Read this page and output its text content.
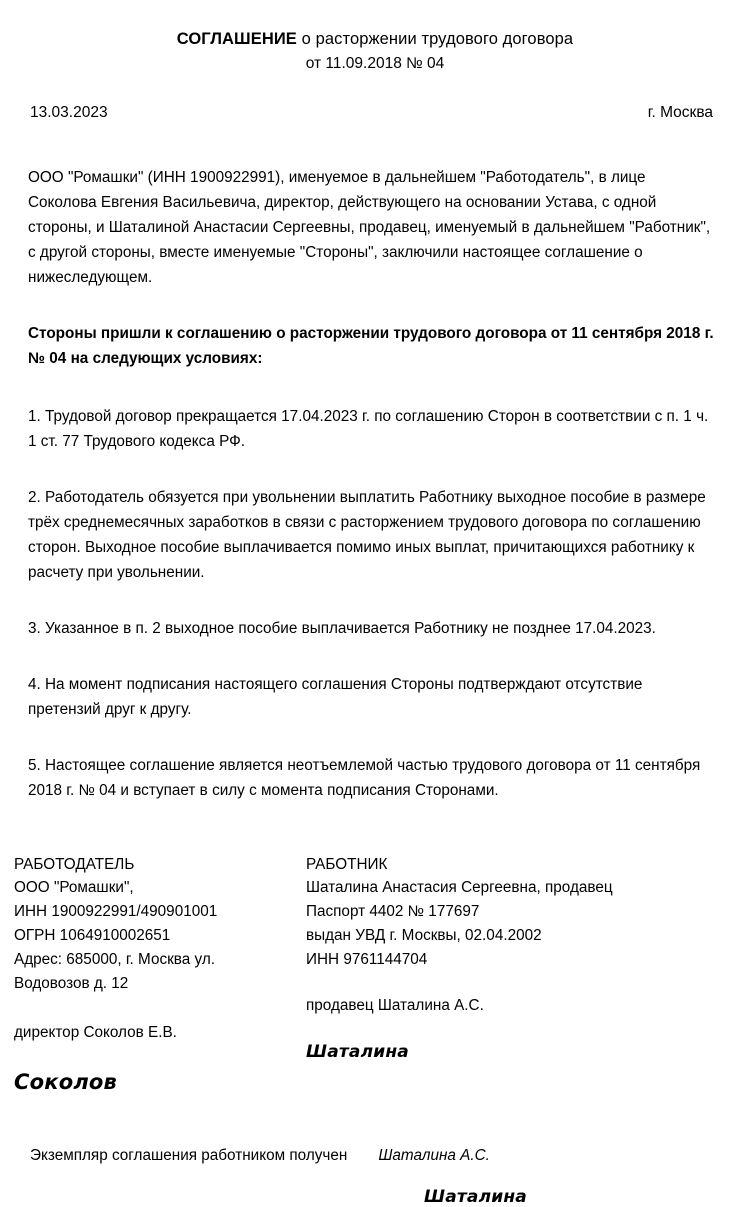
СОГЛАШЕНИЕ о расторжении трудового договора
от 11.09.2018 № 04
13.03.2023	г. Москва

ООО "Ромашки" (ИНН 1900922991), именуемое в дальнейшем "Работодатель", в лице Соколова Евгения Васильевича, директор, действующего на основании Устава, с одной стороны, и Шаталиной Анастасии Сергеевны, продавец, именуемый в дальнейшем "Работник", с другой стороны, вместе именуемые "Стороны", заключили настоящее соглашение о нижеследующем.

Стороны пришли к соглашению о расторжении трудового договора от 11 сентября 2018 г. № 04 на следующих условиях:

1. Трудовой договор прекращается 17.04.2023 г. по соглашению Сторон в соответствии с п. 1 ч. 1 ст. 77 Трудового кодекса РФ.

2. Работодатель обязуется при увольнении выплатить Работнику выходное пособие в размере трёх среднемесячных заработков в связи с расторжением трудового договора по соглашению сторон. Выходное пособие выплачивается помимо иных выплат, причитающихся работнику к расчету при увольнении.

3. Указанное в п. 2 выходное пособие выплачивается Работнику не позднее 17.04.2023.

4. На момент подписания настоящего соглашения Стороны подтверждают отсутствие претензий друг к другу.

5. Настоящее соглашение является неотъемлемой частью трудового договора от 11 сентября 2018 г. № 04 и вступает в силу с момента подписания Сторонами.

РАБОТОДАТЕЛЬ
ООО "Ромашки",
ИНН 1900922991/490901001
ОГРН 1064910002651
Адрес: 685000, г. Москва ул.
Водовозов д. 12
директор Соколов Е.В.
Соколов
РАБОТНИК
Шаталина Анастасия Сергеевна, продавец
Паспорт 4402 № 177697
выдан УВД г. Москвы, 02.04.2002
ИНН 9761144704
продавец Шаталина А.С.
Шаталина
Экземпляр соглашения работником получен	Шаталина А.С.
Шаталина
